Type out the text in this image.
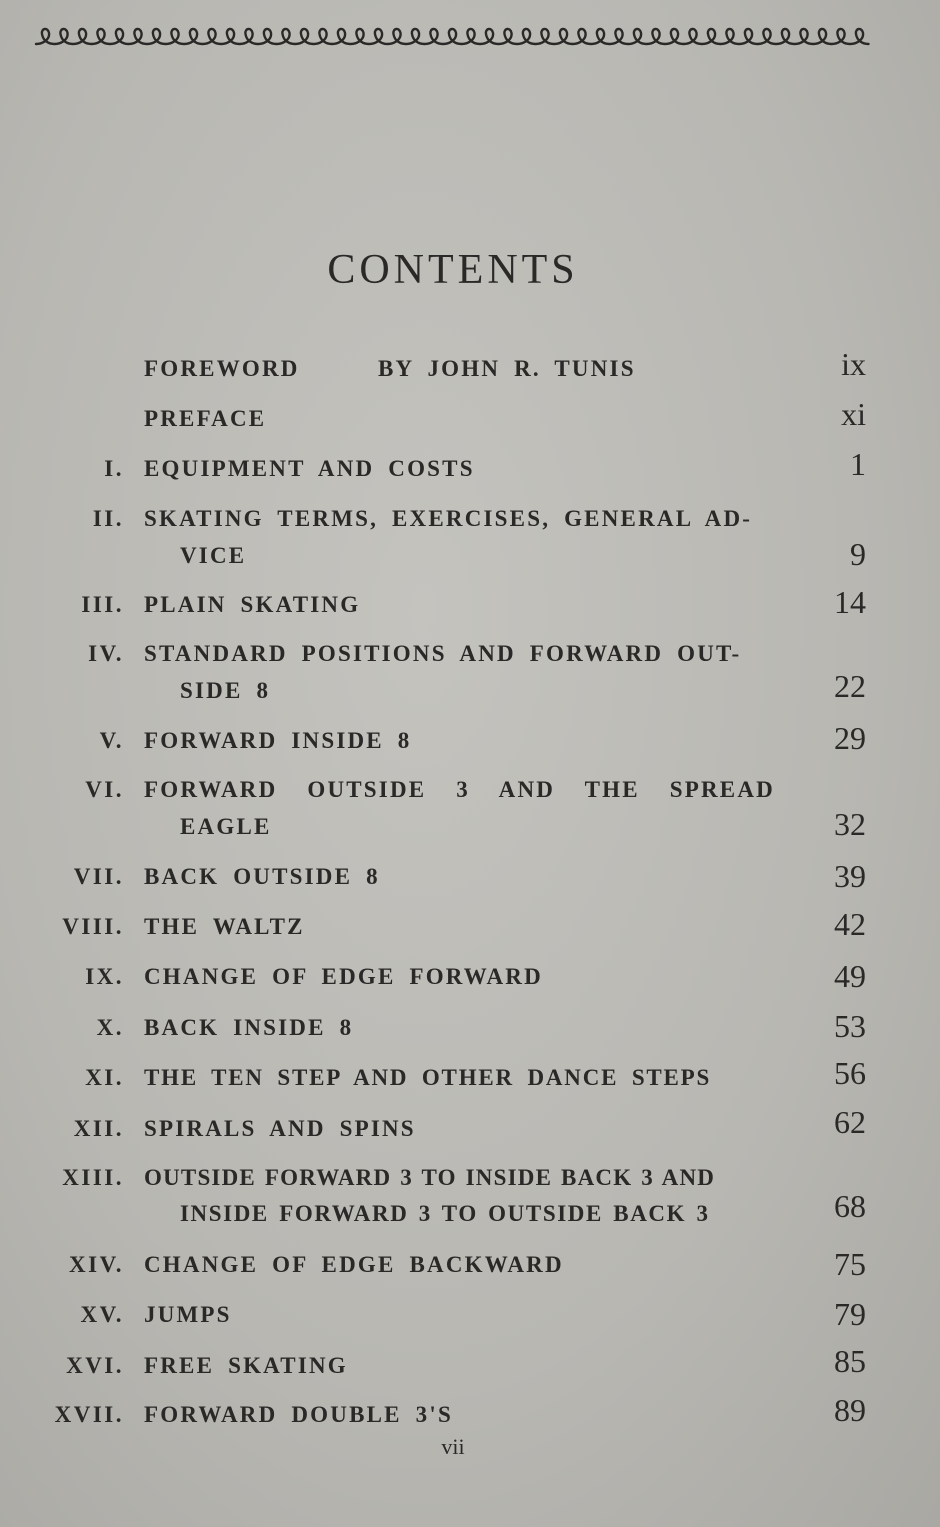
CONTENTS
FOREWORD	BY JOHN R. TUNIS	ix
PREFACE	xi
I. EQUIPMENT AND COSTS	1
II. SKATING TERMS, EXERCISES, GENERAL AD-
VICE	9
III. PLAIN SKATING	14
IV. STANDARD POSITIONS AND FORWARD OUT-
SIDE 8	22
V. FORWARD INSIDE 8	29
VI. FORWARD OUTSIDE 3 AND THE SPREAD
EAGLE	32
VII. BACK OUTSIDE 8	39
VIII. THE WALTZ	42
IX. CHANGE OF EDGE FORWARD	49
X. BACK INSIDE 8	53
XI. THE TEN STEP AND OTHER DANCE STEPS	56
XII. SPIRALS AND SPINS	62
XIII. OUTSIDE FORWARD 3 TO INSIDE BACK 3 AND
INSIDE FORWARD 3 TO OUTSIDE BACK 3	68
XIV. CHANGE OF EDGE BACKWARD	75
XV. JUMPS	79
XVI. FREE SKATING	85
XVII. FORWARD DOUBLE 3'S	89
vii
